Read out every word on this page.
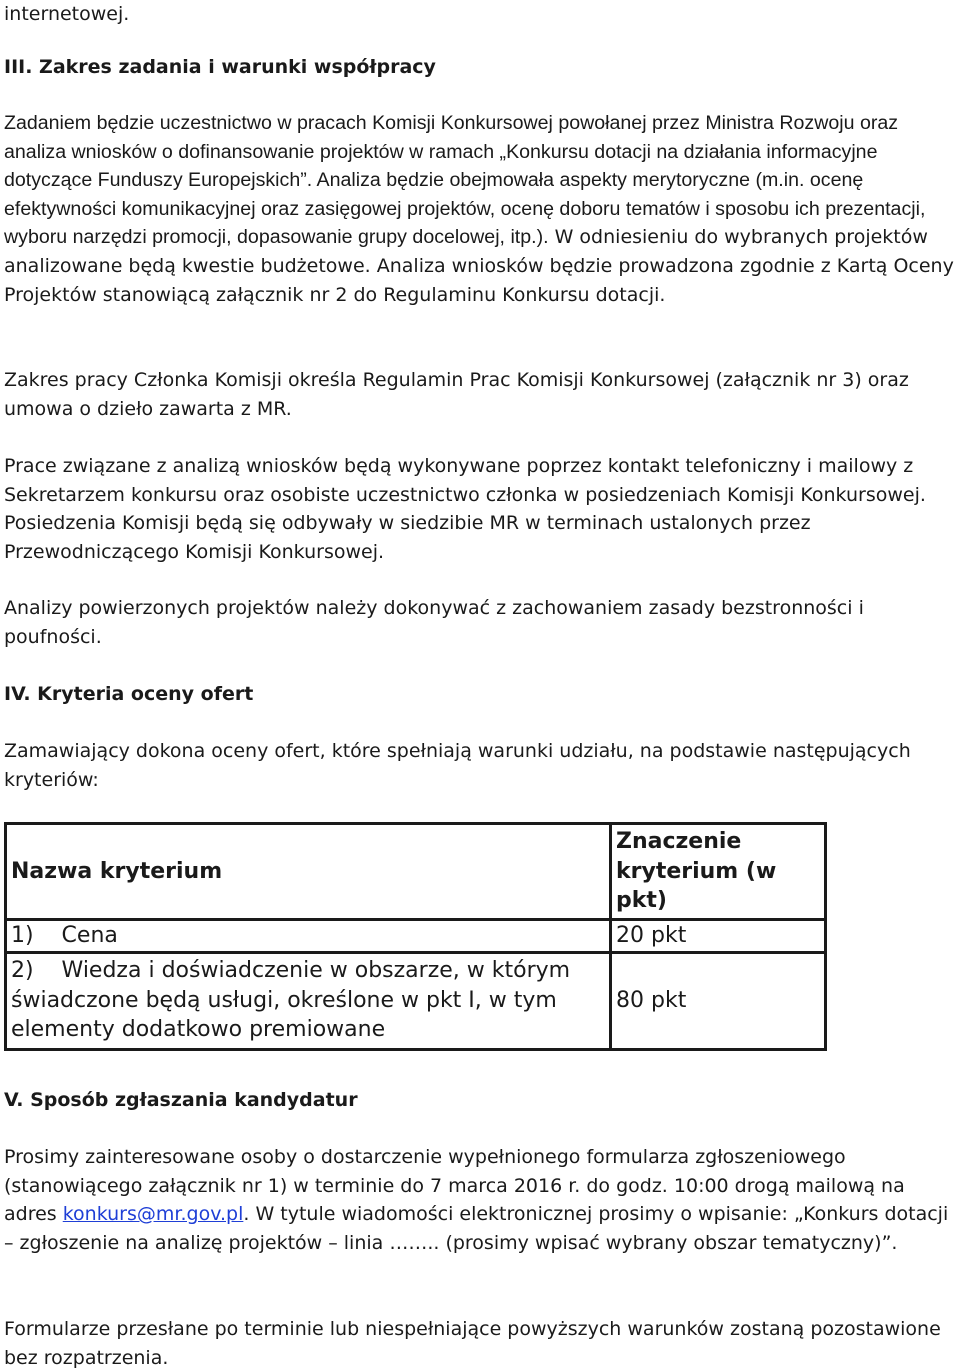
internetowej.

III. Zakres zadania i warunki współpracy
Zadaniem będzie uczestnictwo w pracach Komisji Konkursowej powołanej przez Ministra Rozwoju oraz analiza wniosków o dofinansowanie projektów w ramach „Konkursu dotacji na działania informacyjne dotyczące Funduszy Europejskich”. Analiza będzie obejmowała aspekty merytoryczne (m.in. ocenę efektywności komunikacyjnej oraz zasięgowej projektów, ocenę doboru tematów i sposobu ich prezentacji, wyboru narzędzi promocji, dopasowanie grupy docelowej, itp.). W odniesieniu do wybranych projektów analizowane będą kwestie budżetowe. Analiza wniosków będzie prowadzona zgodnie z Kartą Oceny Projektów stanowiącą załącznik nr 2 do Regulaminu Konkursu dotacji.

Zakres pracy Członka Komisji określa Regulamin Prac Komisji Konkursowej (załącznik nr 3) oraz umowa o dzieło zawarta z MR.

Prace związane z analizą wniosków będą wykonywane poprzez kontakt telefoniczny i mailowy z Sekretarzem konkursu oraz osobiste uczestnictwo członka w posiedzeniach Komisji Konkursowej. Posiedzenia Komisji będą się odbywały w siedzibie MR w terminach ustalonych przez Przewodniczącego Komisji Konkursowej.

Analizy powierzonych projektów należy dokonywać z zachowaniem zasady bezstronności i poufności.

IV. Kryteria oceny ofert

Zamawiający dokona oceny ofert, które spełniają warunki udziału, na podstawie następujących kryteriów:

Nazwa kryterium	Znaczenie kryterium (w pkt)
1)    Cena	20 pkt
2)    Wiedza i doświadczenie w obszarze, w którym świadczone będą usługi, określone w pkt I, w tym elementy dodatkowo premiowane	80 pkt
V. Sposób zgłaszania kandydatur

Prosimy zainteresowane osoby o dostarczenie wypełnionego formularza zgłoszeniowego (stanowiącego załącznik nr 1) w terminie do 7 marca 2016 r. do godz. 10:00 drogą mailową na adres konkurs@mr.gov.pl. W tytule wiadomości elektronicznej prosimy o wpisanie: „Konkurs dotacji – zgłoszenie na analizę projektów – linia …….. (prosimy wpisać wybrany obszar tematyczny)”.

Formularze przesłane po terminie lub niespełniające powyższych warunków zostaną pozostawione bez rozpatrzenia.
